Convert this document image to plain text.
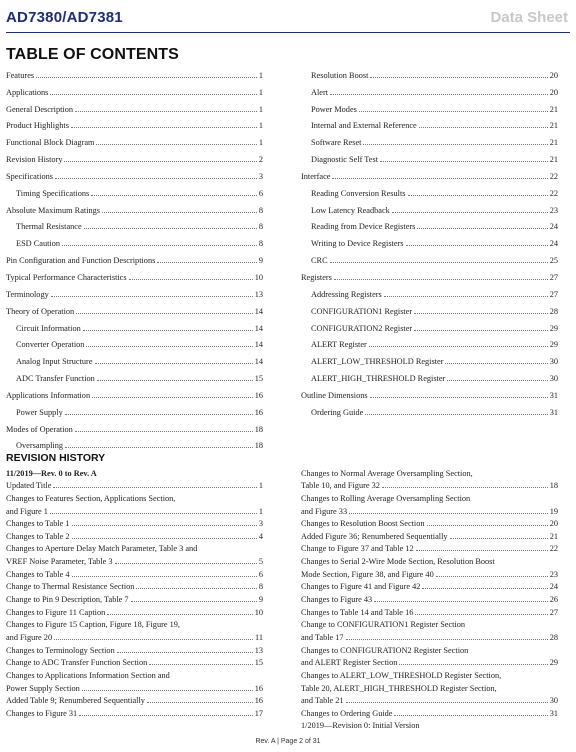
AD7380/AD7381	Data Sheet
TABLE OF CONTENTS
Features	1
Applications	1
General Description	1
Product Highlights	1
Functional Block Diagram	1
Revision History	2
Specifications	3
Timing Specifications	6
Absolute Maximum Ratings	8
Thermal Resistance	8
ESD Caution	8
Pin Configuration and Function Descriptions	9
Typical Performance Characteristics	10
Terminology	13
Theory of Operation	14
Circuit Information	14
Converter Operation	14
Analog Input Structure	14
ADC Transfer Function	15
Applications Information	16
Power Supply	16
Modes of Operation	18
Oversampling	18
Resolution Boost	20
Alert	20
Power Modes	21
Internal and External Reference	21
Software Reset	21
Diagnostic Self Test	21
Interface	22
Reading Conversion Results	22
Low Latency Readback	23
Reading from Device Registers	24
Writing to Device Registers	24
CRC	25
Registers	27
Addressing Registers	27
CONFIGURATION1 Register	28
CONFIGURATION2 Register	29
ALERT Register	29
ALERT_LOW_THRESHOLD Register	30
ALERT_HIGH_THRESHOLD Register	30
Outline Dimensions	31
Ordering Guide	31
REVISION HISTORY
11/2019—Rev. 0 to Rev. A
Updated Title	1
Changes to Features Section, Applications Section,
and Figure 1	1
Changes to Table 1	3
Changes to Table 2	4
Changes to Aperture Delay Match Parameter, Table 3 and
VREF Noise Parameter, Table 3	5
Changes to Table 4	6
Change to Thermal Resistance Section	8
Change to Pin 9 Description, Table 7	9
Changes to Figure 11 Caption	10
Changes to Figure 15 Caption, Figure 18, Figure 19,
and Figure 20	11
Changes to Terminology Section	13
Change to ADC Transfer Function Section	15
Changes to Applications Information Section and
Power Supply Section	16
Added Table 9; Renumbered Sequentially	16
Changes to Figure 31	17
Changes to Normal Average Oversampling Section,
Table 10, and Figure 32	18
Changes to Rolling Average Oversampling Section
and Figure 33	19
Changes to Resolution Boost Section	20
Added Figure 36; Renumbered Sequentially	21
Change to Figure 37 and Table 12	22
Changes to Serial 2-Wire Mode Section, Resolution Boost
Mode Section, Figure 38, and Figure 40	23
Changes to Figure 41 and Figure 42	24
Changes to Figure 43	26
Changes to Table 14 and Table 16	27
Change to CONFIGURATION1 Register Section
and Table 17	28
Changes to CONFIGURATION2 Register Section
and ALERT Register Section	29
Changes to ALERT_LOW_THRESHOLD Register Section,
Table 20, ALERT_HIGH_THRESHOLD Register Section,
and Table 21	30
Changes to Ordering Guide	31
1/2019—Revision 0: Initial Version
Rev. A | Page 2 of 31
